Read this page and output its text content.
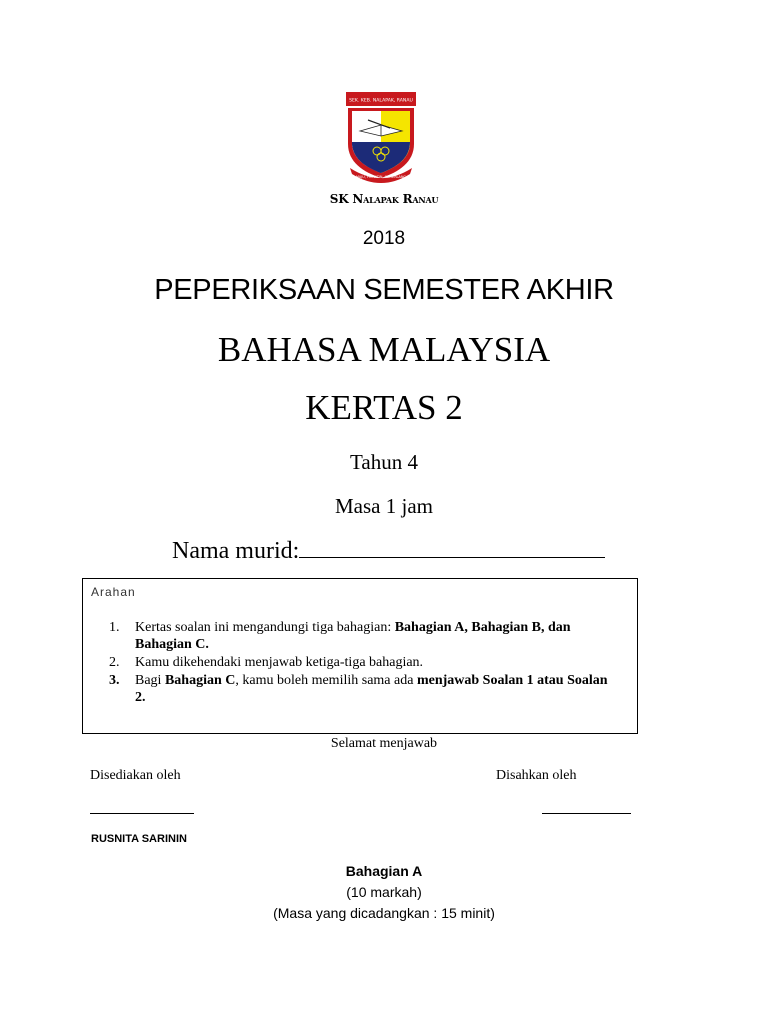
SEK. KEB. NALAPAK, RANAU
MAJU, PRIHATIN, CEMERLANG
SK Nalapak Ranau
2018
PEPERIKSAAN SEMESTER AKHIR
BAHASA MALAYSIA
KERTAS 2
Tahun 4
Masa 1 jam
Nama murid:
Arahan
1. Kertas soalan ini mengandungi tiga bahagian: Bahagian A, Bahagian B, dan Bahagian C.
2. Kamu dikehendaki menjawab ketiga-tiga bahagian.
3. Bagi Bahagian C, kamu boleh memilih sama ada menjawab Soalan 1 atau Soalan 2.
Selamat menjawab
Disediakan oleh	Disahkan oleh
RUSNITA SARININ
Bahagian A
(10 markah)
(Masa yang dicadangkan : 15 minit)
